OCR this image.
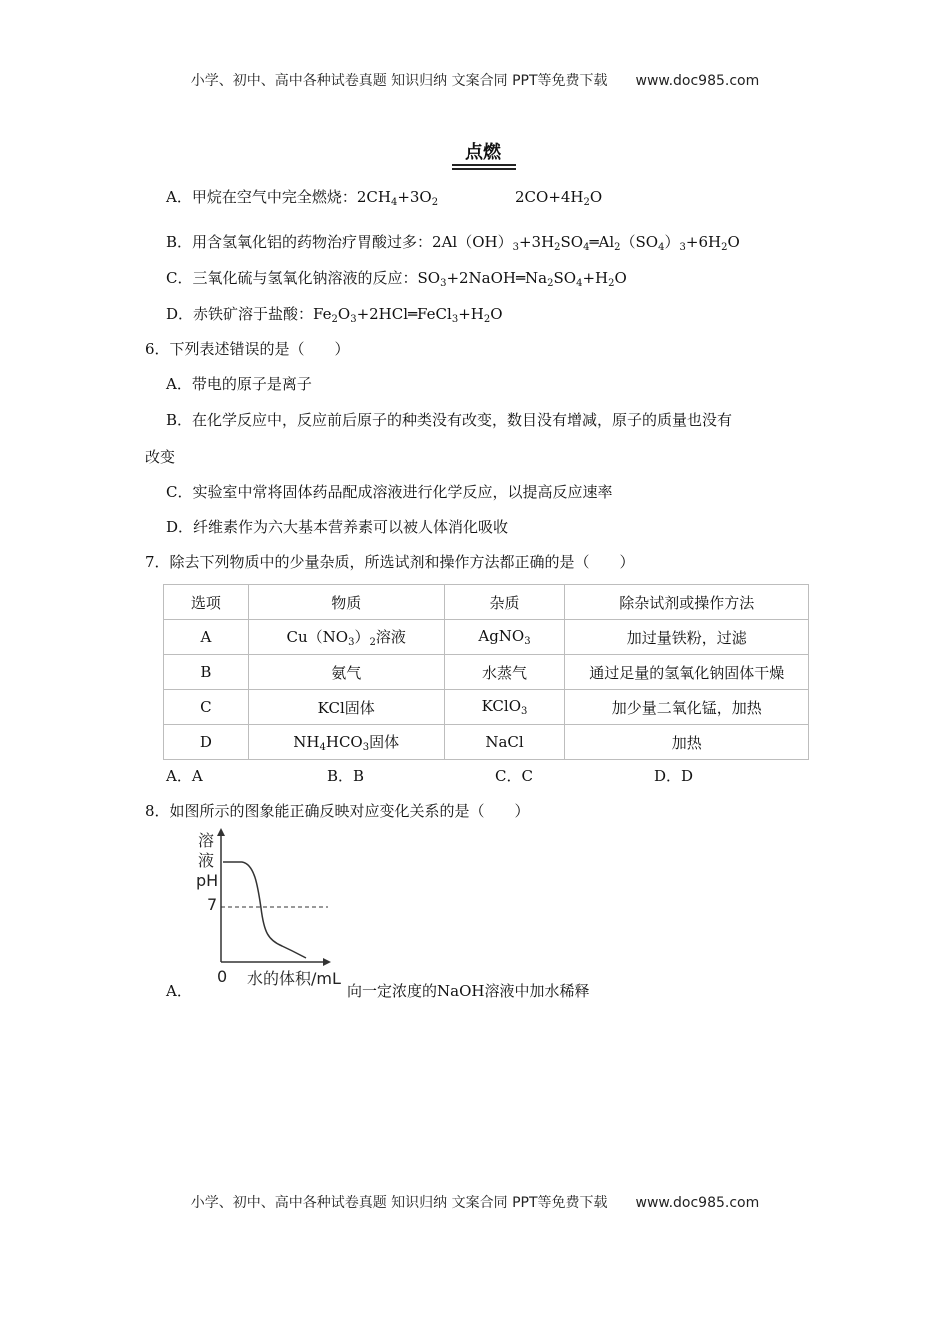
小学、初中、高中各种试卷真题 知识归纳 文案合同 PPT等免费下载 www.doc985.com
点燃
A．甲烷在空气中完全燃烧：$2CH_4+3O_2$	$2CO+4H_2O$
B．用含氢氧化铝的药物治疗胃酸过多：$2Al(OH)_3+3H_2SO_4═Al_2(SO_4)_3+6H_2O$
C．三氧化硫与氢氧化钠溶液的反应：$SO_3+2NaOH═Na_2SO_4+H_2O$
D．赤铁矿溶于盐酸：$Fe_2O_3+2HCl═FeCl_3+H_2O$
6．下列表述错误的是（　　）
A．带电的原子是离子
B．在化学反应中，反应前后原子的种类没有改变，数目没有增减，原子的质量也没有
改变
C．实验室中常将固体药品配成溶液进行化学反应，以提高反应速率
D．纤维素作为六大基本营养素可以被人体消化吸收
7．除去下列物质中的少量杂质，所选试剂和操作方法都正确的是（　　）
选项	物质	杂质	除杂试剂或操作方法
A	$Cu(NO_3)_2$溶液	AgNO$_3$	加过量铁粉，过滤
B	氨气	水蒸气	通过足量的氢氧化钠固体干燥
C	KCl固体	KClO$_3$	加少量二氧化锰，加热
D	$NH_4HCO_3$固体	NaCl	加热
A．A	B．B	C．C	D．D
8．如图所示的图象能正确反映对应变化关系的是（　　）
溶
液
pH
7
0 水的体积/mL
A．	向一定浓度的NaOH溶液中加水稀释
小学、初中、高中各种试卷真题 知识归纳 文案合同 PPT等免费下载 www.doc985.com
